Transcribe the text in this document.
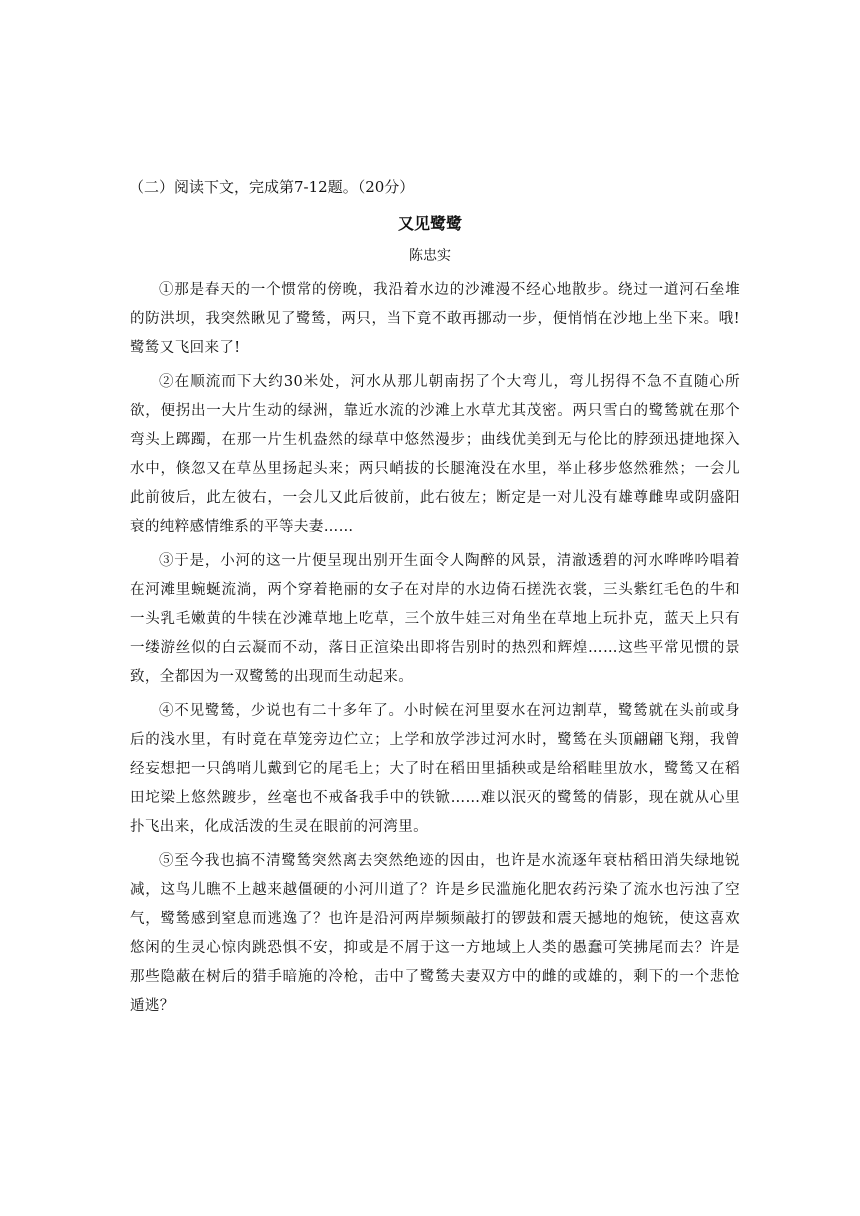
（二）阅读下文，完成第7-12题。（20分）
又见鹭鹭
陈忠实

①那是春天的一个惯常的傍晚，我沿着水边的沙滩漫不经心地散步。绕过一道河石垒堆的防洪坝，我突然瞅见了鹭鸶，两只，当下竟不敢再挪动一步，便悄悄在沙地上坐下来。哦!鹭鸶又飞回来了!

②在顺流而下大约30米处，河水从那儿朝南拐了个大弯儿，弯儿拐得不急不直随心所欲，便拐出一大片生动的绿洲，靠近水流的沙滩上水草尤其茂密。两只雪白的鹭鸶就在那个弯头上踯躅，在那一片生机盎然的绿草中悠然漫步；曲线优美到无与伦比的脖颈迅捷地探入水中，倏忽又在草丛里扬起头来；两只峭拔的长腿淹没在水里，举止移步悠然雅然；一会儿此前彼后，此左彼右，一会儿又此后彼前，此右彼左；断定是一对儿没有雄尊雌卑或阴盛阳衰的纯粹感情维系的平等夫妻……

③于是，小河的这一片便呈现出别开生面令人陶醉的风景，清澈透碧的河水哗哗吟唱着在河滩里蜿蜒流淌，两个穿着艳丽的女子在对岸的水边倚石搓洗衣裳，三头紫红毛色的牛和一头乳毛嫩黄的牛犊在沙滩草地上吃草，三个放牛娃三对角坐在草地上玩扑克，蓝天上只有一缕游丝似的白云凝而不动，落日正渲染出即将告别时的热烈和辉煌……这些平常见惯的景致，全都因为一双鹭鸶的出现而生动起来。

④不见鹭鸶，少说也有二十多年了。小时候在河里耍水在河边割草，鹭鸶就在头前或身后的浅水里，有时竟在草笼旁边伫立；上学和放学涉过河水时，鹭鸶在头顶翩翩飞翔，我曾经妄想把一只鸽哨儿戴到它的尾毛上；大了时在稻田里插秧或是给稻畦里放水，鹭鸶又在稻田坨梁上悠然踱步，丝毫也不戒备我手中的铁锨……难以泯灭的鹭鸶的倩影，现在就从心里扑飞出来，化成活泼的生灵在眼前的河湾里。

⑤至今我也搞不清鹭鸶突然离去突然绝迹的因由，也许是水流逐年衰枯稻田消失绿地锐减，这鸟儿瞧不上越来越僵硬的小河川道了？许是乡民滥施化肥农药污染了流水也污浊了空气，鹭鸶感到窒息而逃逸了？也许是沿河两岸频频敲打的锣鼓和震天撼地的炮铳，使这喜欢悠闲的生灵心惊肉跳恐惧不安，抑或是不屑于这一方地域上人类的愚蠢可笑拂尾而去？许是那些隐蔽在树后的猎手暗施的冷枪，击中了鹭鸶夫妻双方中的雌的或雄的，剩下的一个悲怆遁逃？
